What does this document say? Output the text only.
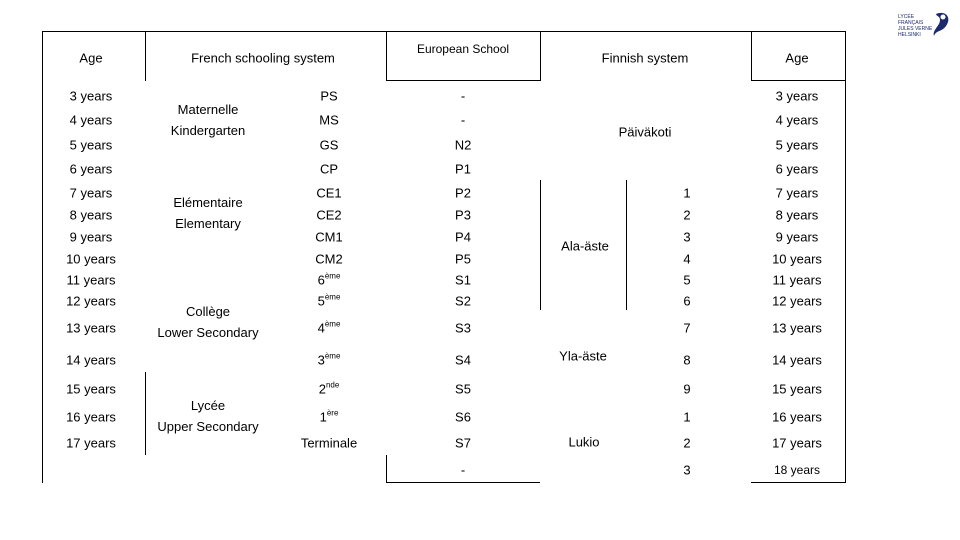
LYCÉE
FRANÇAIS
JULES VERNE
HELSINKI
Age	French schooling system
European School
Finnish system	Age
3 years
4 years
5 years
6 years
7 years
8 years
9 years
10 years
11 years
12 years
13 years
14 years
15 years
16 years
17 years
Maternelle
Kindergarten
Elémentaire
Elementary
Collège
Lower Secondary
Lycée
Upper Secondary
PS
MS
GS
CP
CE1
CE2
CM1
CM2
6ème
5ème
4ème
3ème
2nde
1ère
Terminale
-
-
N2
P1
P2
P3
P4
P5
S1
S2
S3
S4
S5
S6
S7
-
Päiväkoti
Ala-äste
Yla-äste
Lukio
1
2
3
4
5
6
7
8
9
1
2
3
3 years
4 years
5 years
6 years
7 years
8 years
9 years
10 years
11 years
12 years
13 years
14 years
15 years
16 years
17 years
18 years
